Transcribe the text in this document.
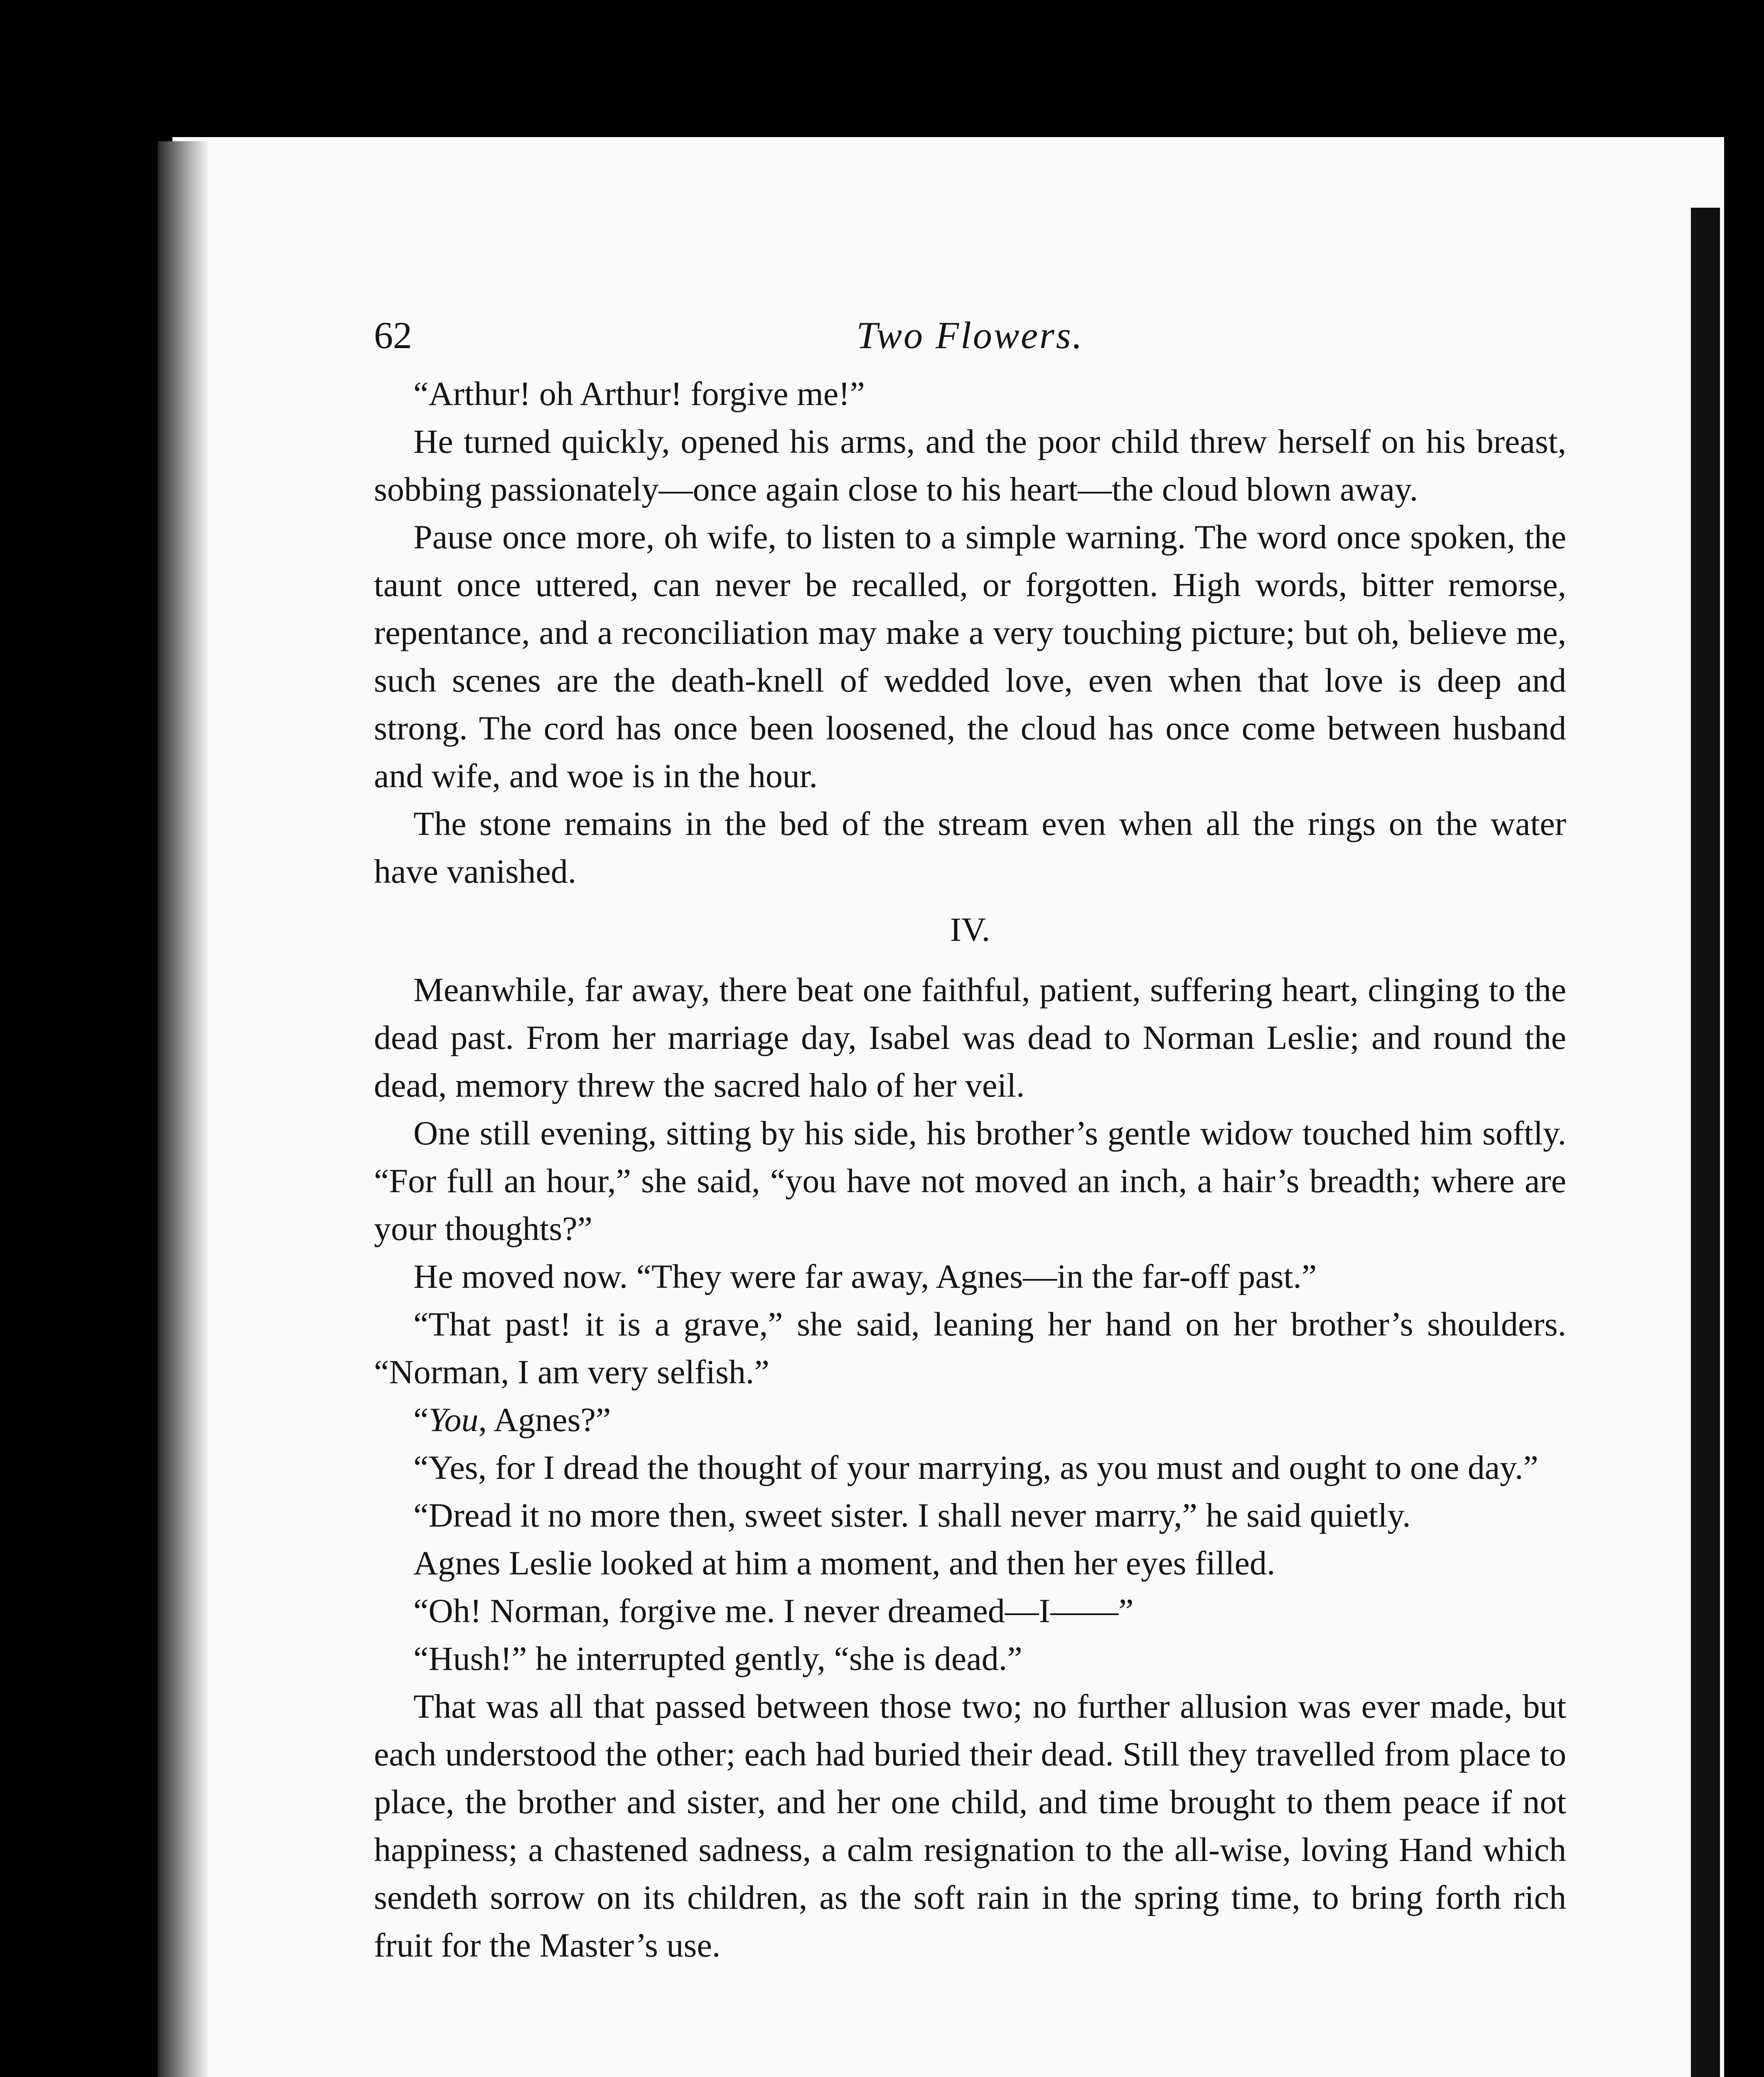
62	Two Flowers.

“Arthur! oh Arthur! forgive me!”

He turned quickly, opened his arms, and the poor child threw herself on his breast, sobbing passionately—once again close to his heart—the cloud blown away.

Pause once more, oh wife, to listen to a simple warning. The word once spoken, the taunt once uttered, can never be recalled, or forgotten. High words, bitter remorse, repentance, and a reconciliation may make a very touching picture; but oh, believe me, such scenes are the death-knell of wedded love, even when that love is deep and strong. The cord has once been loosened, the cloud has once come between husband and wife, and woe is in the hour.

The stone remains in the bed of the stream even when all the rings on the water have vanished.

IV.

Meanwhile, far away, there beat one faithful, patient, suffering heart, clinging to the dead past. From her marriage day, Isabel was dead to Norman Leslie; and round the dead, memory threw the sacred halo of her veil.

One still evening, sitting by his side, his brother’s gentle widow touched him softly. “For full an hour,” she said, “you have not moved an inch, a hair’s breadth; where are your thoughts?”

He moved now. “They were far away, Agnes—in the far-off past.”

“That past! it is a grave,” she said, leaning her hand on her brother’s shoulders. “Norman, I am very selfish.”

“You, Agnes?”

“Yes, for I dread the thought of your marrying, as you must and ought to one day.”

“Dread it no more then, sweet sister. I shall never marry,” he said quietly.

Agnes Leslie looked at him a moment, and then her eyes filled.

“Oh! Norman, forgive me. I never dreamed—I——”

“Hush!” he interrupted gently, “she is dead.”

That was all that passed between those two; no further allusion was ever made, but each understood the other; each had buried their dead. Still they travelled from place to place, the brother and sister, and her one child, and time brought to them peace if not happiness; a chastened sadness, a calm resignation to the all-wise, loving Hand which sendeth sorrow on its children, as the soft rain in the spring time, to bring forth rich fruit for the Master’s use.
